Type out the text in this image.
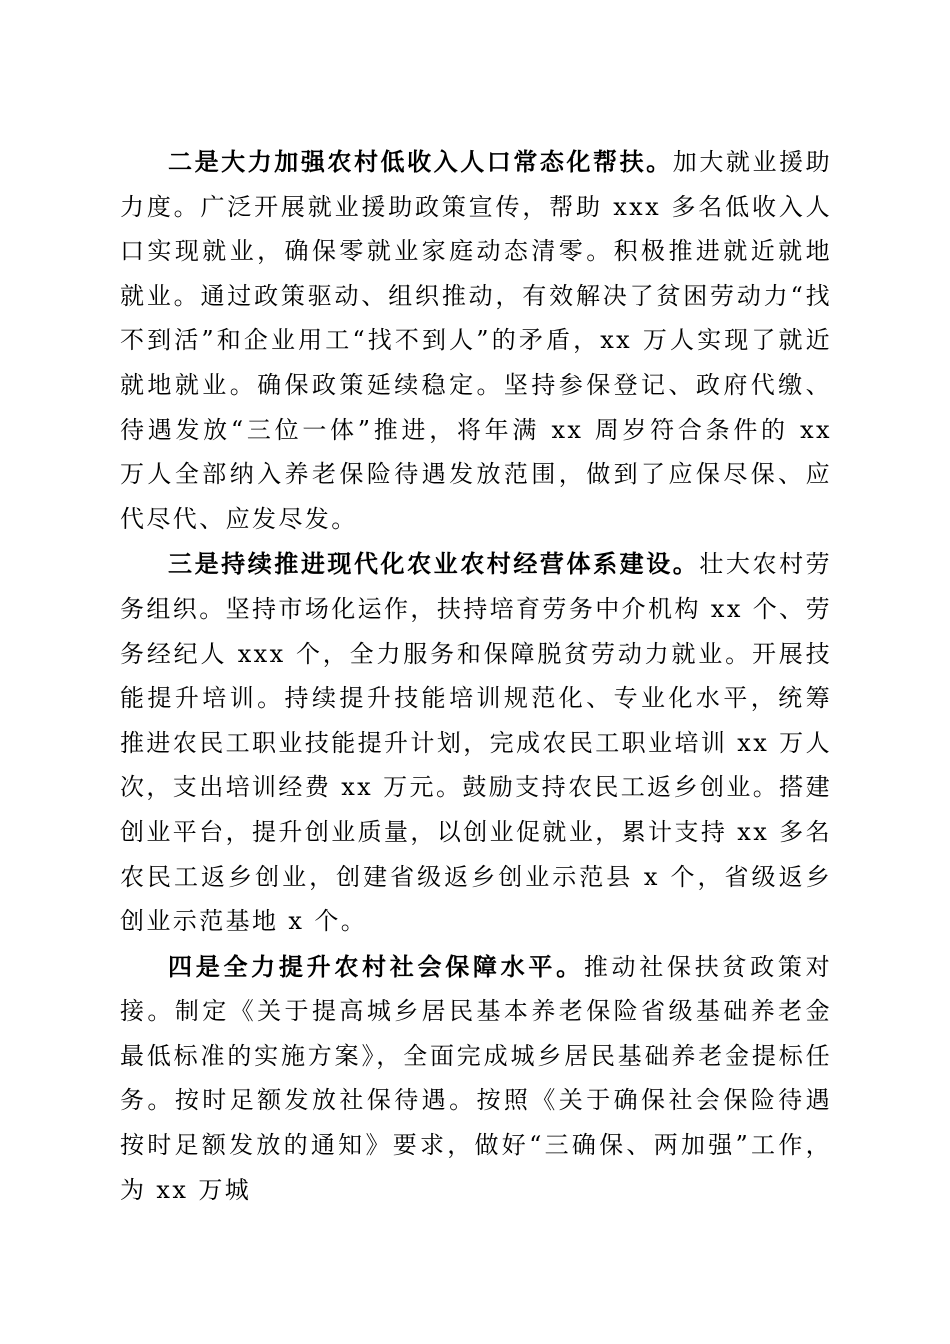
二是大力加强农村低收入人口常态化帮扶。加大就业援助力度。广泛开展就业援助政策宣传，帮助 xxx 多名低收入人口实现就业，确保零就业家庭动态清零。积极推进就近就地就业。通过政策驱动、组织推动，有效解决了贫困劳动力“找不到活”和企业用工“找不到人”的矛盾，xx 万人实现了就近就地就业。确保政策延续稳定。坚持参保登记、政府代缴、待遇发放“三位一体”推进，将年满 xx 周岁符合条件的 xx 万人全部纳入养老保险待遇发放范围，做到了应保尽保、应代尽代、应发尽发。

三是持续推进现代化农业农村经营体系建设。壮大农村劳务组织。坚持市场化运作，扶持培育劳务中介机构 xx 个、劳务经纪人 xxx 个，全力服务和保障脱贫劳动力就业。开展技能提升培训。持续提升技能培训规范化、专业化水平，统筹推进农民工职业技能提升计划，完成农民工职业培训 xx 万人次，支出培训经费 xx 万元。鼓励支持农民工返乡创业。搭建创业平台，提升创业质量，以创业促就业，累计支持 xx 多名农民工返乡创业，创建省级返乡创业示范县 x 个，省级返乡创业示范基地 x 个。

四是全力提升农村社会保障水平。推动社保扶贫政策对接。制定《关于提高城乡居民基本养老保险省级基础养老金最低标准的实施方案》，全面完成城乡居民基础养老金提标任务。按时足额发放社保待遇。按照《关于确保社会保险待遇按时足额发放的通知》要求，做好“三确保、两加强”工作，为 xx 万城
